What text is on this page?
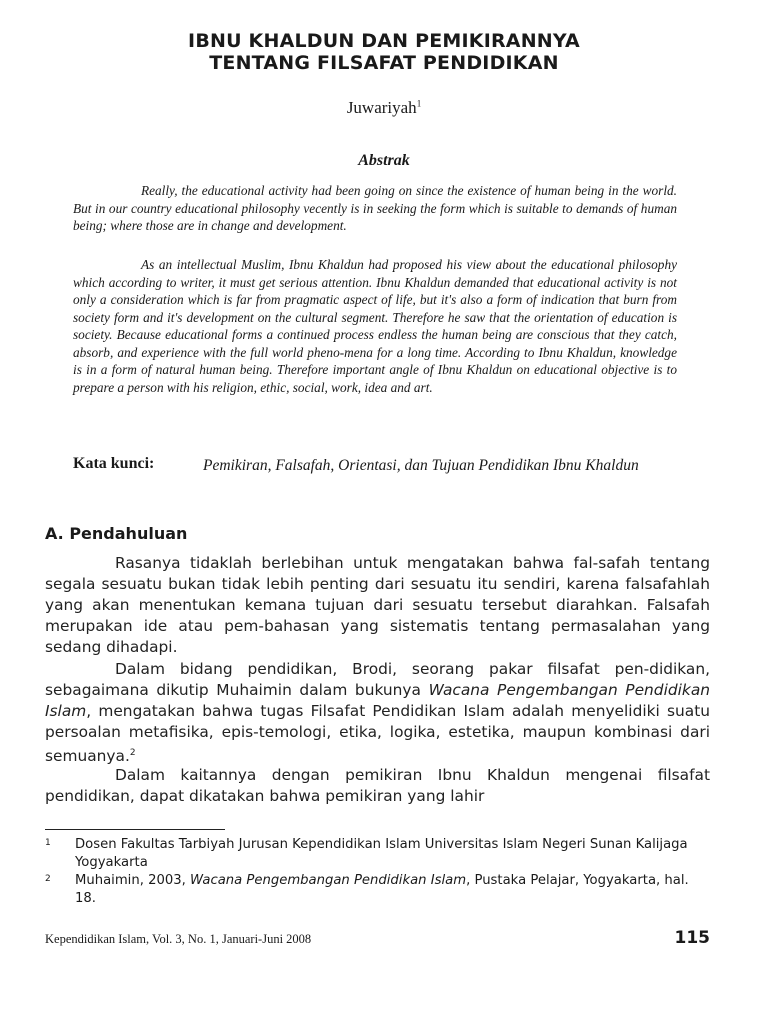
IBNU KHALDUN DAN PEMIKIRANNYA
TENTANG FILSAFAT PENDIDIKAN
Juwariyah$^1$
Abstrak

Really, the educational activity had been going on since the existence of human being in the world. But in our country educational philosophy vecently is in seeking the form which is suitable to demands of human being; where those are in change and development.

As an intellectual Muslim, Ibnu Khaldun had proposed his view about the educational philosophy which according to writer, it must get serious attention. Ibnu Khaldun demanded that educational activity is not only a consideration which is far from pragmatic aspect of life, but it's also a form of indication that burn from society form and it's development on the cultural segment. Therefore he saw that the orientation of education is society. Because educational forms a continued process endless the human being are conscious that they catch, absorb, and experience with the full world pheno-mena for a long time. According to Ibnu Khaldun, knowledge is in a form of natural human being. Therefore important angle of Ibnu Khaldun on educational objective is to prepare a person with his religion, ethic, social, work, idea and art.

Kata kunci:	Pemikiran, Falsafah, Orientasi, dan Tujuan Pendidikan Ibnu Khaldun
A. Pendahuluan

Rasanya tidaklah berlebihan untuk mengatakan bahwa fal-safah tentang segala sesuatu bukan tidak lebih penting dari sesuatu itu sendiri, karena falsafahlah yang akan menentukan kemana tujuan dari sesuatu tersebut diarahkan. Falsafah merupakan ide atau pem-bahasan yang sistematis tentang permasalahan yang sedang dihadapi.

Dalam bidang pendidikan, Brodi, seorang pakar filsafat pen-didikan, sebagaimana dikutip Muhaimin dalam bukunya Wacana Pengembangan Pendidikan Islam, mengatakan bahwa tugas Filsafat Pendidikan Islam adalah menyelidiki suatu persoalan metafisika, epis-temologi, etika, logika, estetika, maupun kombinasi dari semuanya.$^2$

Dalam kaitannya dengan pemikiran Ibnu Khaldun mengenai filsafat pendidikan, dapat dikatakan bahwa pemikiran yang lahir

1 Dosen Fakultas Tarbiyah Jurusan Kependidikan Islam Universitas Islam Negeri Sunan Kalijaga Yogyakarta
2 Muhaimin, 2003, Wacana Pengembangan Pendidikan Islam, Pustaka Pelajar, Yogyakarta, hal. 18.
Kependidikan Islam, Vol. 3, No. 1, Januari-Juni 2008	115
